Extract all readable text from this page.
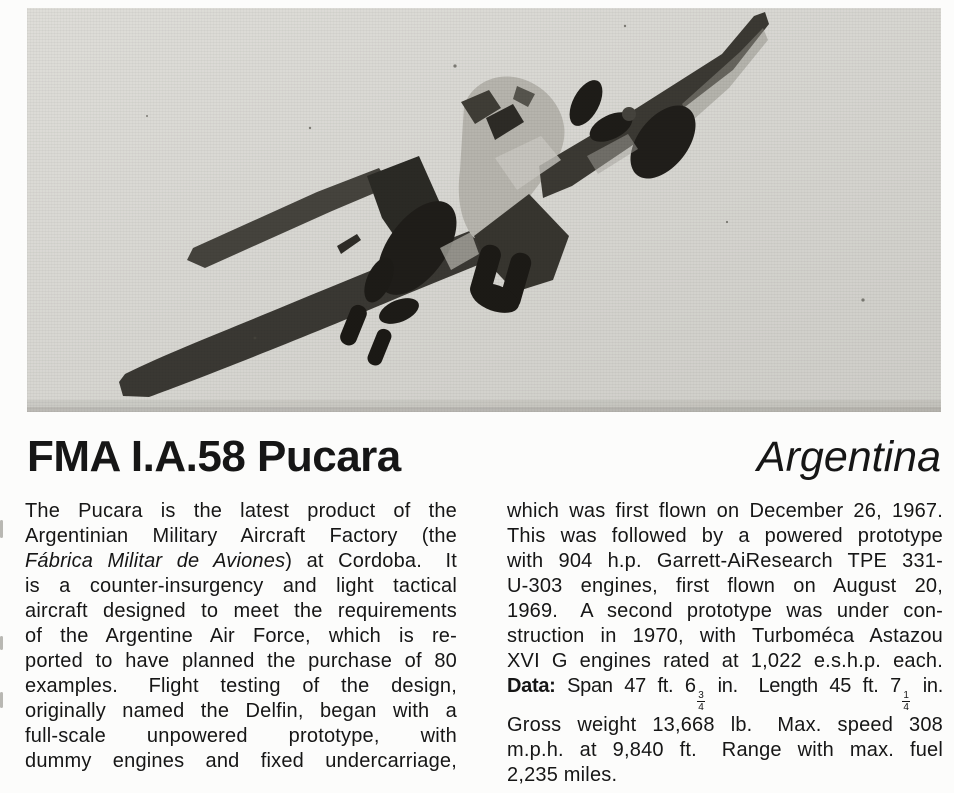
FMA I.A.58 Pucara	Argentina
The Pucara is the latest product of the
Argentinian Military Aircraft Factory (the
Fábrica Militar de Aviones) at Cordoba. It
is a counter-insurgency and light tactical
aircraft designed to meet the requirements
of the Argentine Air Force, which is re-
ported to have planned the purchase of 80
examples. Flight testing of the design,
originally named the Delfin, began with a
full-scale unpowered prototype, with
dummy engines and fixed undercarriage,
which was first flown on December 26, 1967.
This was followed by a powered prototype
with 904 h.p. Garrett-AiResearch TPE 331-
U-303 engines, first flown on August 20,
1969. A second prototype was under con-
struction in 1970, with Turboméca Astazou
XVI G engines rated at 1,022 e.s.h.p. each.
Data: Span 47 ft. 6
$\frac{3}{4}$
in. Length 45 ft. 7
$\frac{1}{4}$
in.
Gross weight 13,668 lb. Max. speed 308
m.p.h. at 9,840 ft. Range with max. fuel
2,235 miles.
